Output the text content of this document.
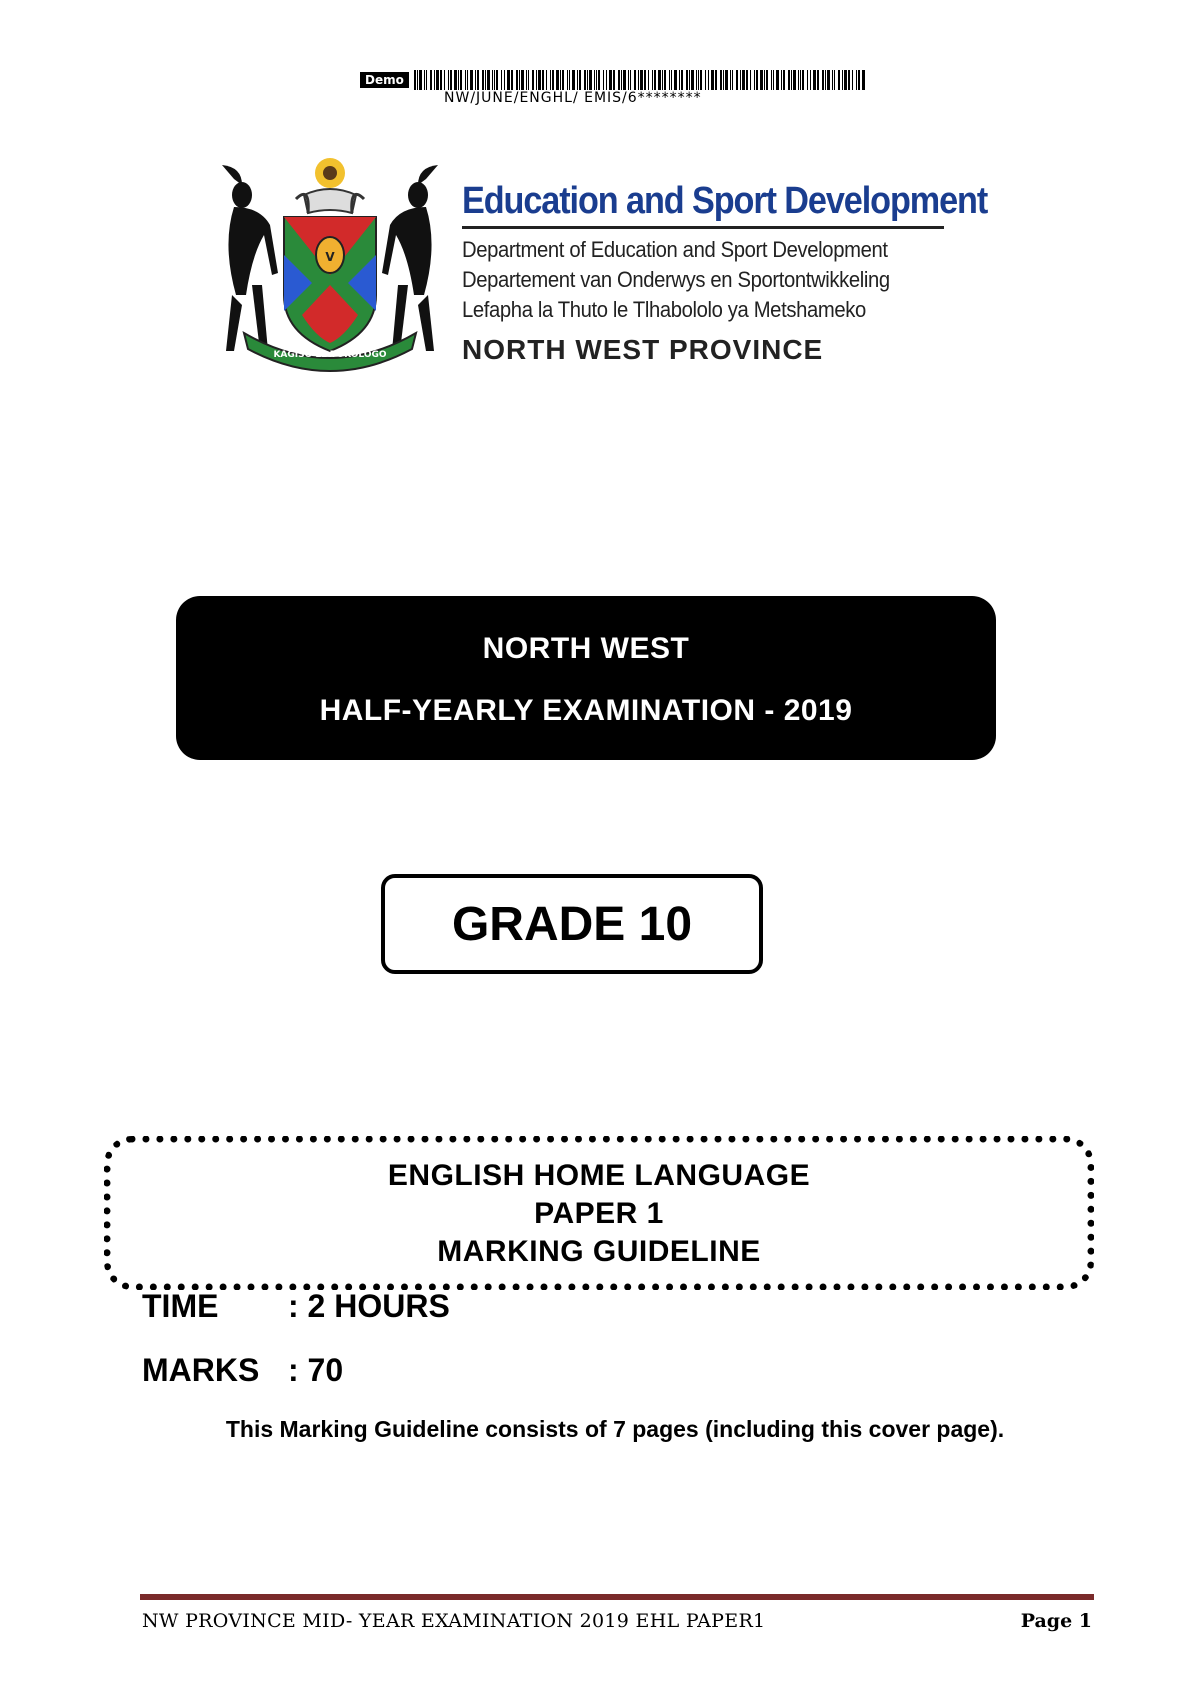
Demo
NW/JUNE/ENGHL/ EMIS/6********
V
KAGISO LE TOKOLOGO
Education and Sport Development
Department of Education and Sport Development
Departement van Onderwys en Sportontwikkeling
Lefapha la Thuto le Tlhabololo ya Metshameko
NORTH WEST PROVINCE
NORTH WEST
HALF-YEARLY EXAMINATION - 2019
GRADE 10
ENGLISH HOME LANGUAGE
PAPER 1
MARKING GUIDELINE
TIME : 2 HOURS
MARKS : 70
This Marking Guideline consists of 7 pages (including this cover page).
NW PROVINCE MID- YEAR EXAMINATION 2019 EHL PAPER1	Page 1
